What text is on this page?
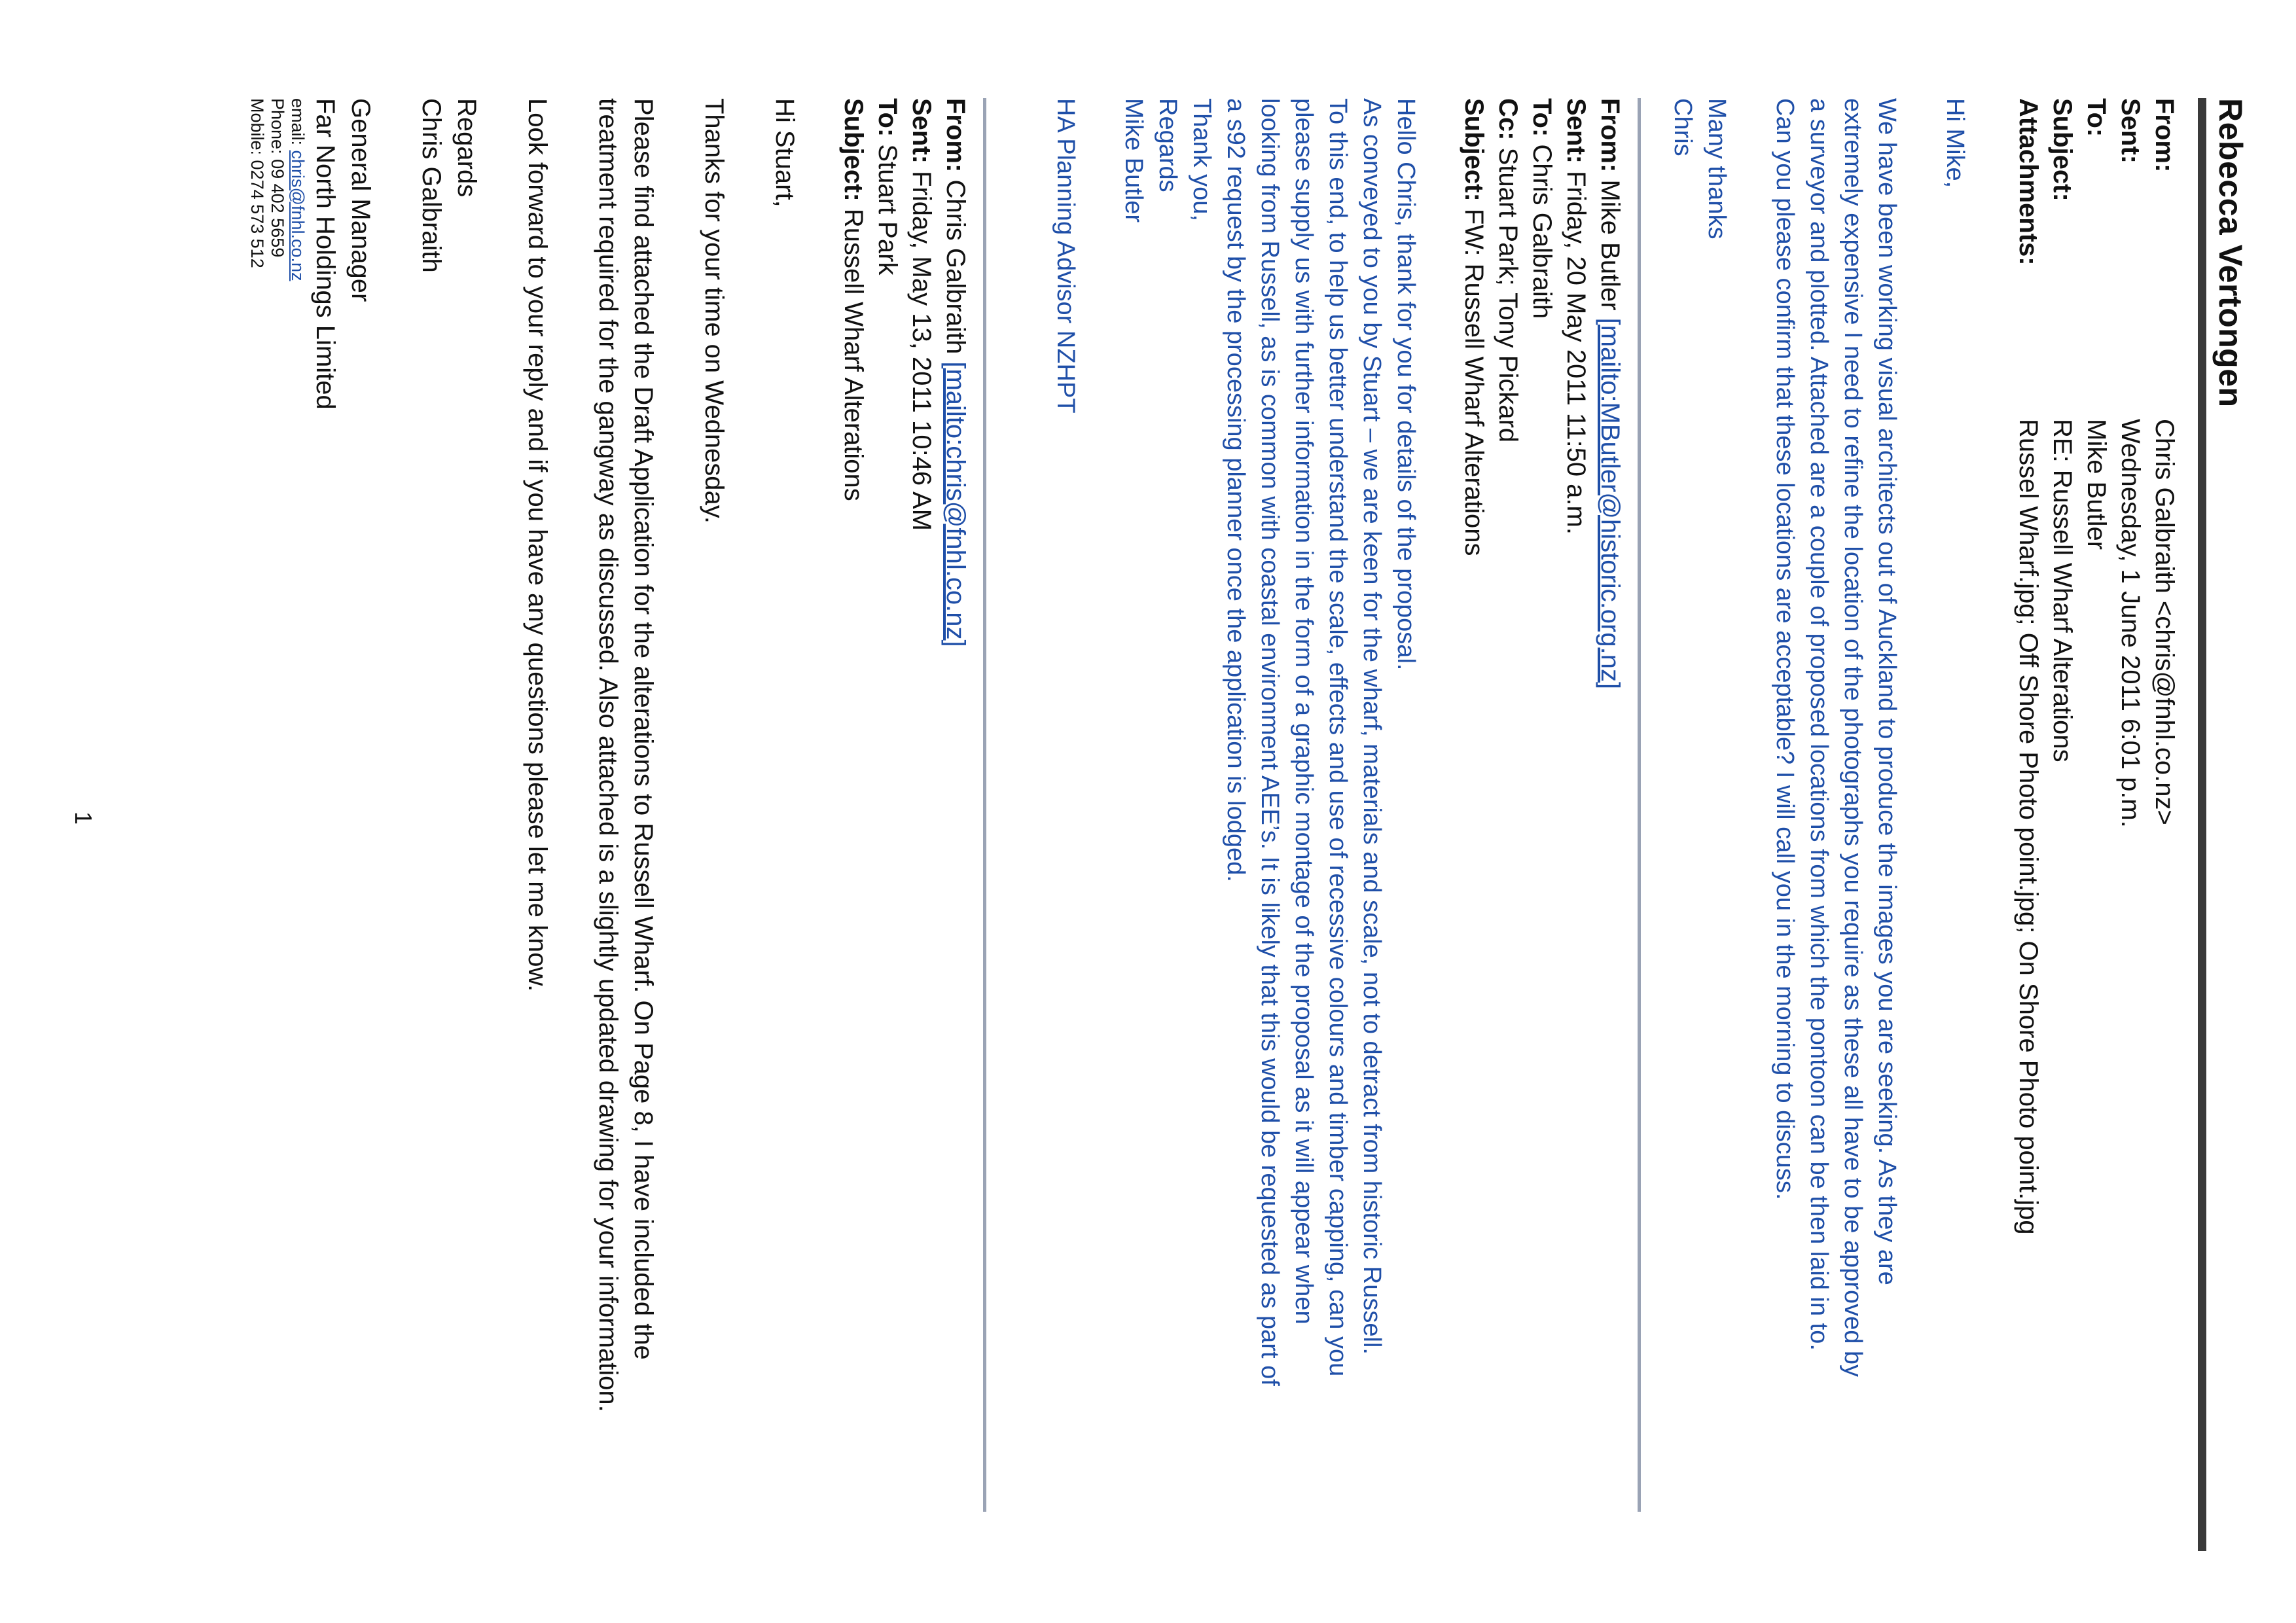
Rebecca Vertongen
From:	Chris Galbraith <chris@fnhl.co.nz>
Sent:	Wednesday, 1 June 2011 6:01 p.m.
To:	Mike Butler
Subject:	RE: Russell Wharf Alterations
Attachments:	Russel Wharf.jpg; Off Shore Photo point.jpg; On Shore Photo point.jpg

Hi Mike,

We have been working visual architects out of Auckland to produce the images you are seeking. As they are

extremely expensive I need to refine the location of the photographs you require as these all have to be approved by

a surveyor and plotted. Attached are a couple of proposed locations from which the pontoon can be then laid in to.

Can you please confirm that these locations are acceptable? I will call you in the morning to discuss.

Many thanks

Chris

From: Mike Butler [mailto:MButler@historic.org.nz]

Sent: Friday, 20 May 2011 11:50 a.m.

To: Chris Galbraith

Cc: Stuart Park; Tony Pickard

Subject: FW: Russell Wharf Alterations

Hello Chris, thank for you for details of the proposal.

As conveyed to you by Stuart – we are keen for the wharf, materials and scale, not to detract from historic Russell.

To this end, to help us better understand the scale, effects and use of recessive colours and timber capping, can you

please supply us with further information in the form of a graphic montage of the proposal as it will appear when

looking from Russell, as is common with coastal environment AEE’s. It is likely that this would be requested as part of

a s92 request by the processing planner once the application is lodged.

Thank you,

Regards

Mike Butler

HA Planning Advisor NZHPT

From: Chris Galbraith [mailto:chris@fnhl.co.nz]

Sent: Friday, May 13, 2011 10:46 AM

To: Stuart Park

Subject: Russell Wharf Alterations

Hi Stuart,

Thanks for your time on Wednesday.

Please find attached the Draft Application for the alterations to Russell Wharf. On Page 8, I have included the

treatment required for the gangway as discussed. Also attached is a slightly updated drawing for your information.

Look forward to your reply and if you have any questions please let me know.

Regards

Chris Galbraith

General Manager

Far North Holdings Limited

email: chris@fnhl.co.nz

Phone: 09 402 5659

Mobile: 0274 573 512

1
